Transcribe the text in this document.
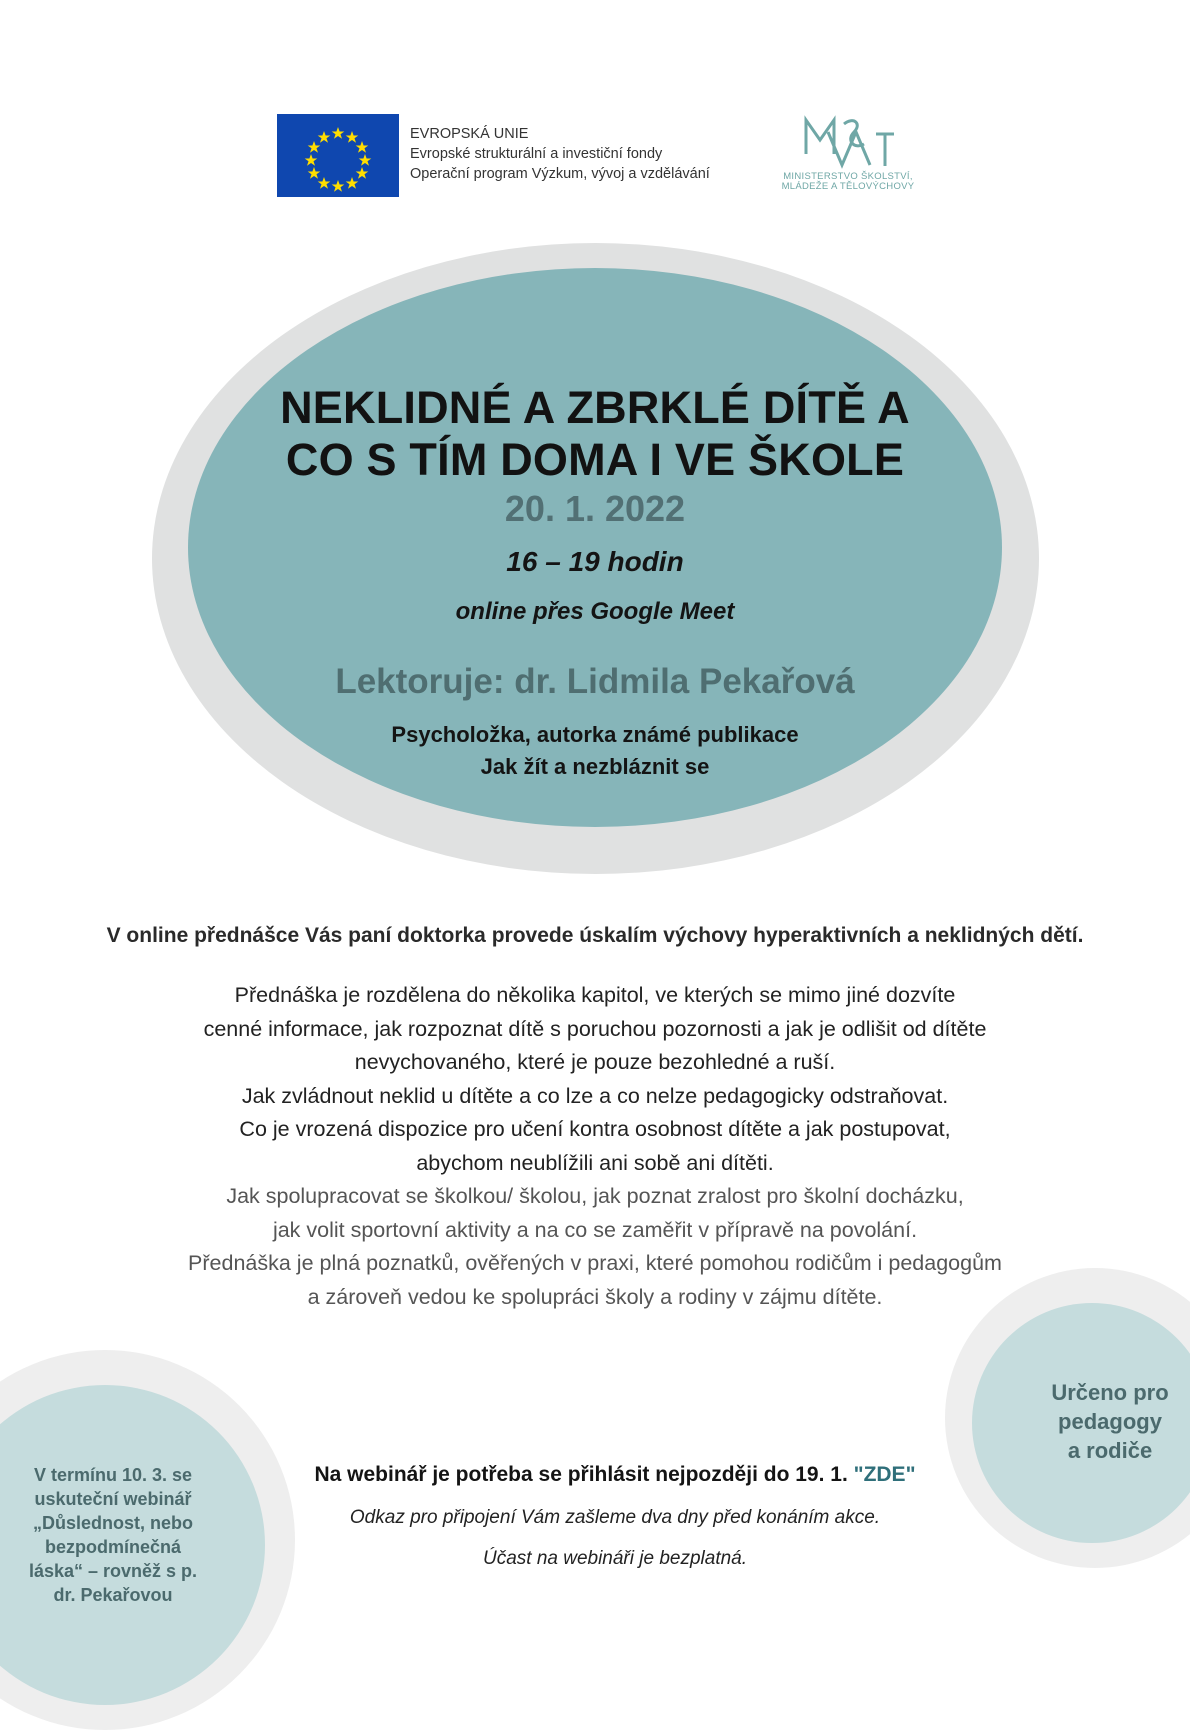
EVROPSKÁ UNIE
Evropské strukturální a investiční fondy
Operační program Výzkum, vývoj a vzdělávání	MINISTERSTVO ŠKOLSTVÍ,
MLÁDEŽE A TĚLOVÝCHOVY
NEKLIDNÉ A ZBRKLÉ DÍTĚ A
CO S TÍM DOMA I VE ŠKOLE
20. 1. 2022
16 – 19 hodin
online přes Google Meet
Lektoruje: dr. Lidmila Pekařová
Psycholožka, autorka známé publikace
Jak žít a nezbláznit se
V online přednášce Vás paní doktorka provede úskalím výchovy hyperaktivních a neklidných dětí.
Přednáška je rozdělena do několika kapitol, ve kterých se mimo jiné dozvíte
cenné informace, jak rozpoznat dítě s poruchou pozornosti a jak je odlišit od dítěte
nevychovaného, které je pouze bezohledné a ruší.
Jak zvládnout neklid u dítěte a co lze a co nelze pedagogicky odstraňovat.
Co je vrozená dispozice pro učení kontra osobnost dítěte a jak postupovat,
abychom neublížili ani sobě ani dítěti.
Jak spolupracovat se školkou/ školou, jak poznat zralost pro školní docházku,
jak volit sportovní aktivity a na co se zaměřit v přípravě na povolání.
Přednáška je plná poznatků, ověřených v praxi, které pomohou rodičům i pedagogům
a zároveň vedou ke spolupráci školy a rodiny v zájmu dítěte.
V termínu 10. 3. se uskuteční webinář „Důslednost, nebo bezpodmínečná láska“ – rovněž s p. dr. Pekařovou
Určeno pro
pedagogy
a rodiče
Na webinář je potřeba se přihlásit nejpozději do 19. 1. "ZDE"
Odkaz pro připojení Vám zašleme dva dny před konáním akce.
Účast na webináři je bezplatná.
